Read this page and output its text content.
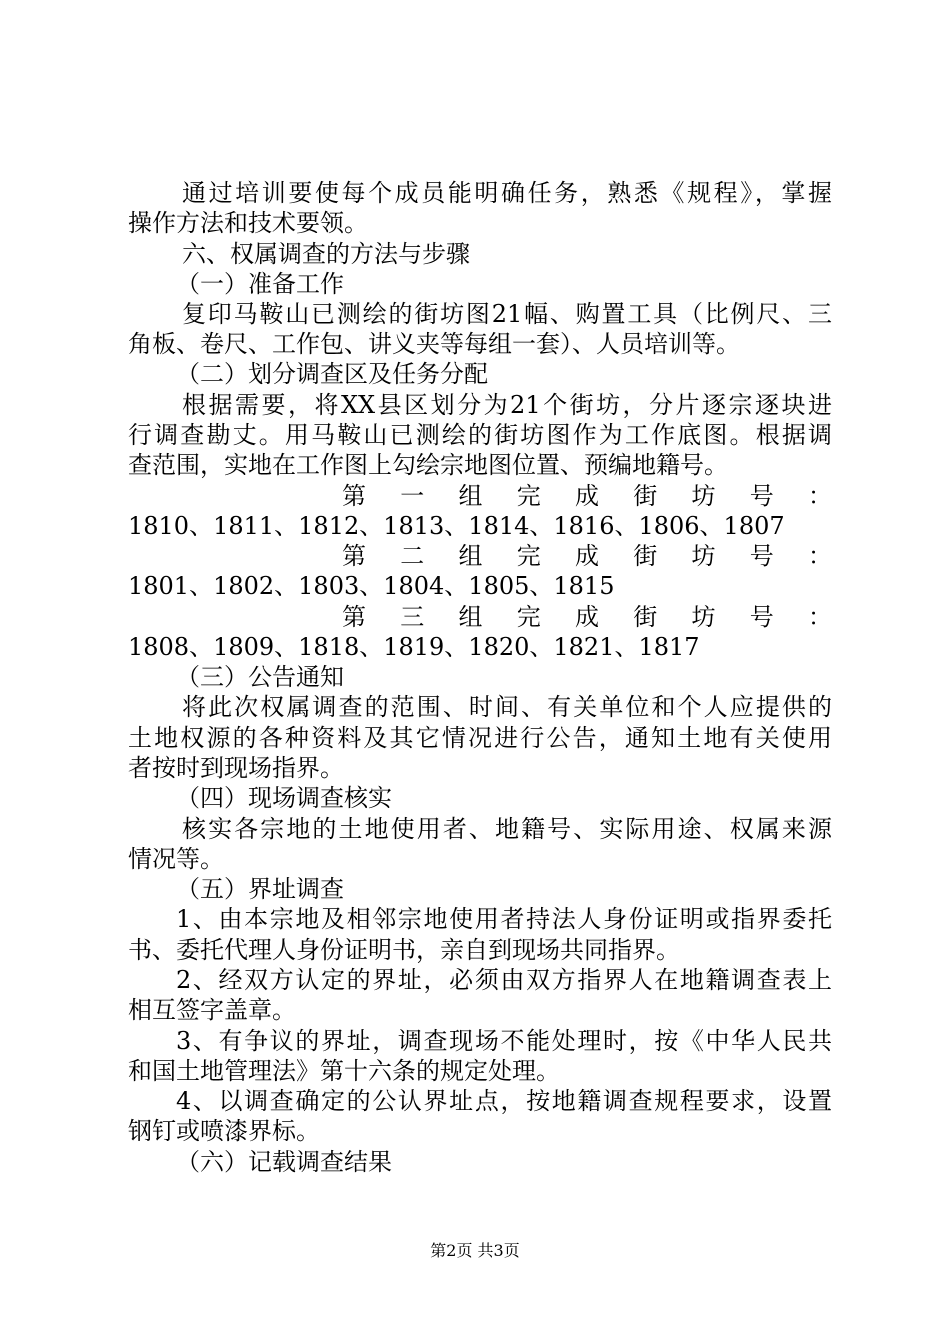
通过培训要使每个成员能明确任务，熟悉《规程》，掌握
操作方法和技术要领。
六、权属调查的方法与步骤
（一）准备工作
复印马鞍山已测绘的街坊图21幅、购置工具（比例尺、三
角板、卷尺、工作包、讲义夹等每组一套）、人员培训等。
（二）划分调查区及任务分配
根据需要，将XX县区划分为21个街坊，分片逐宗逐块进
行调查勘丈。用马鞍山已测绘的街坊图作为工作底图。根据调
查范围，实地在工作图上勾绘宗地图位置、预编地籍号。
第 一 组 完 成 街 坊 号 ：
1810、1811、1812、1813、1814、1816、1806、1807
第 二 组 完 成 街 坊 号 ：
1801、1802、1803、1804、1805、1815
第 三 组 完 成 街 坊 号 ：
1808、1809、1818、1819、1820、1821、1817
（三）公告通知
将此次权属调查的范围、时间、有关单位和个人应提供的
土地权源的各种资料及其它情况进行公告，通知土地有关使用
者按时到现场指界。
（四）现场调查核实
核实各宗地的土地使用者、地籍号、实际用途、权属来源
情况等。
（五）界址调查
1、由本宗地及相邻宗地使用者持法人身份证明或指界委托
书、委托代理人身份证明书，亲自到现场共同指界。
2、经双方认定的界址，必须由双方指界人在地籍调查表上
相互签字盖章。
3、有争议的界址，调查现场不能处理时，按《中华人民共
和国土地管理法》第十六条的规定处理。
4、以调查确定的公认界址点，按地籍调查规程要求，设置
钢钉或喷漆界标。
（六）记载调查结果
第2页 共3页
